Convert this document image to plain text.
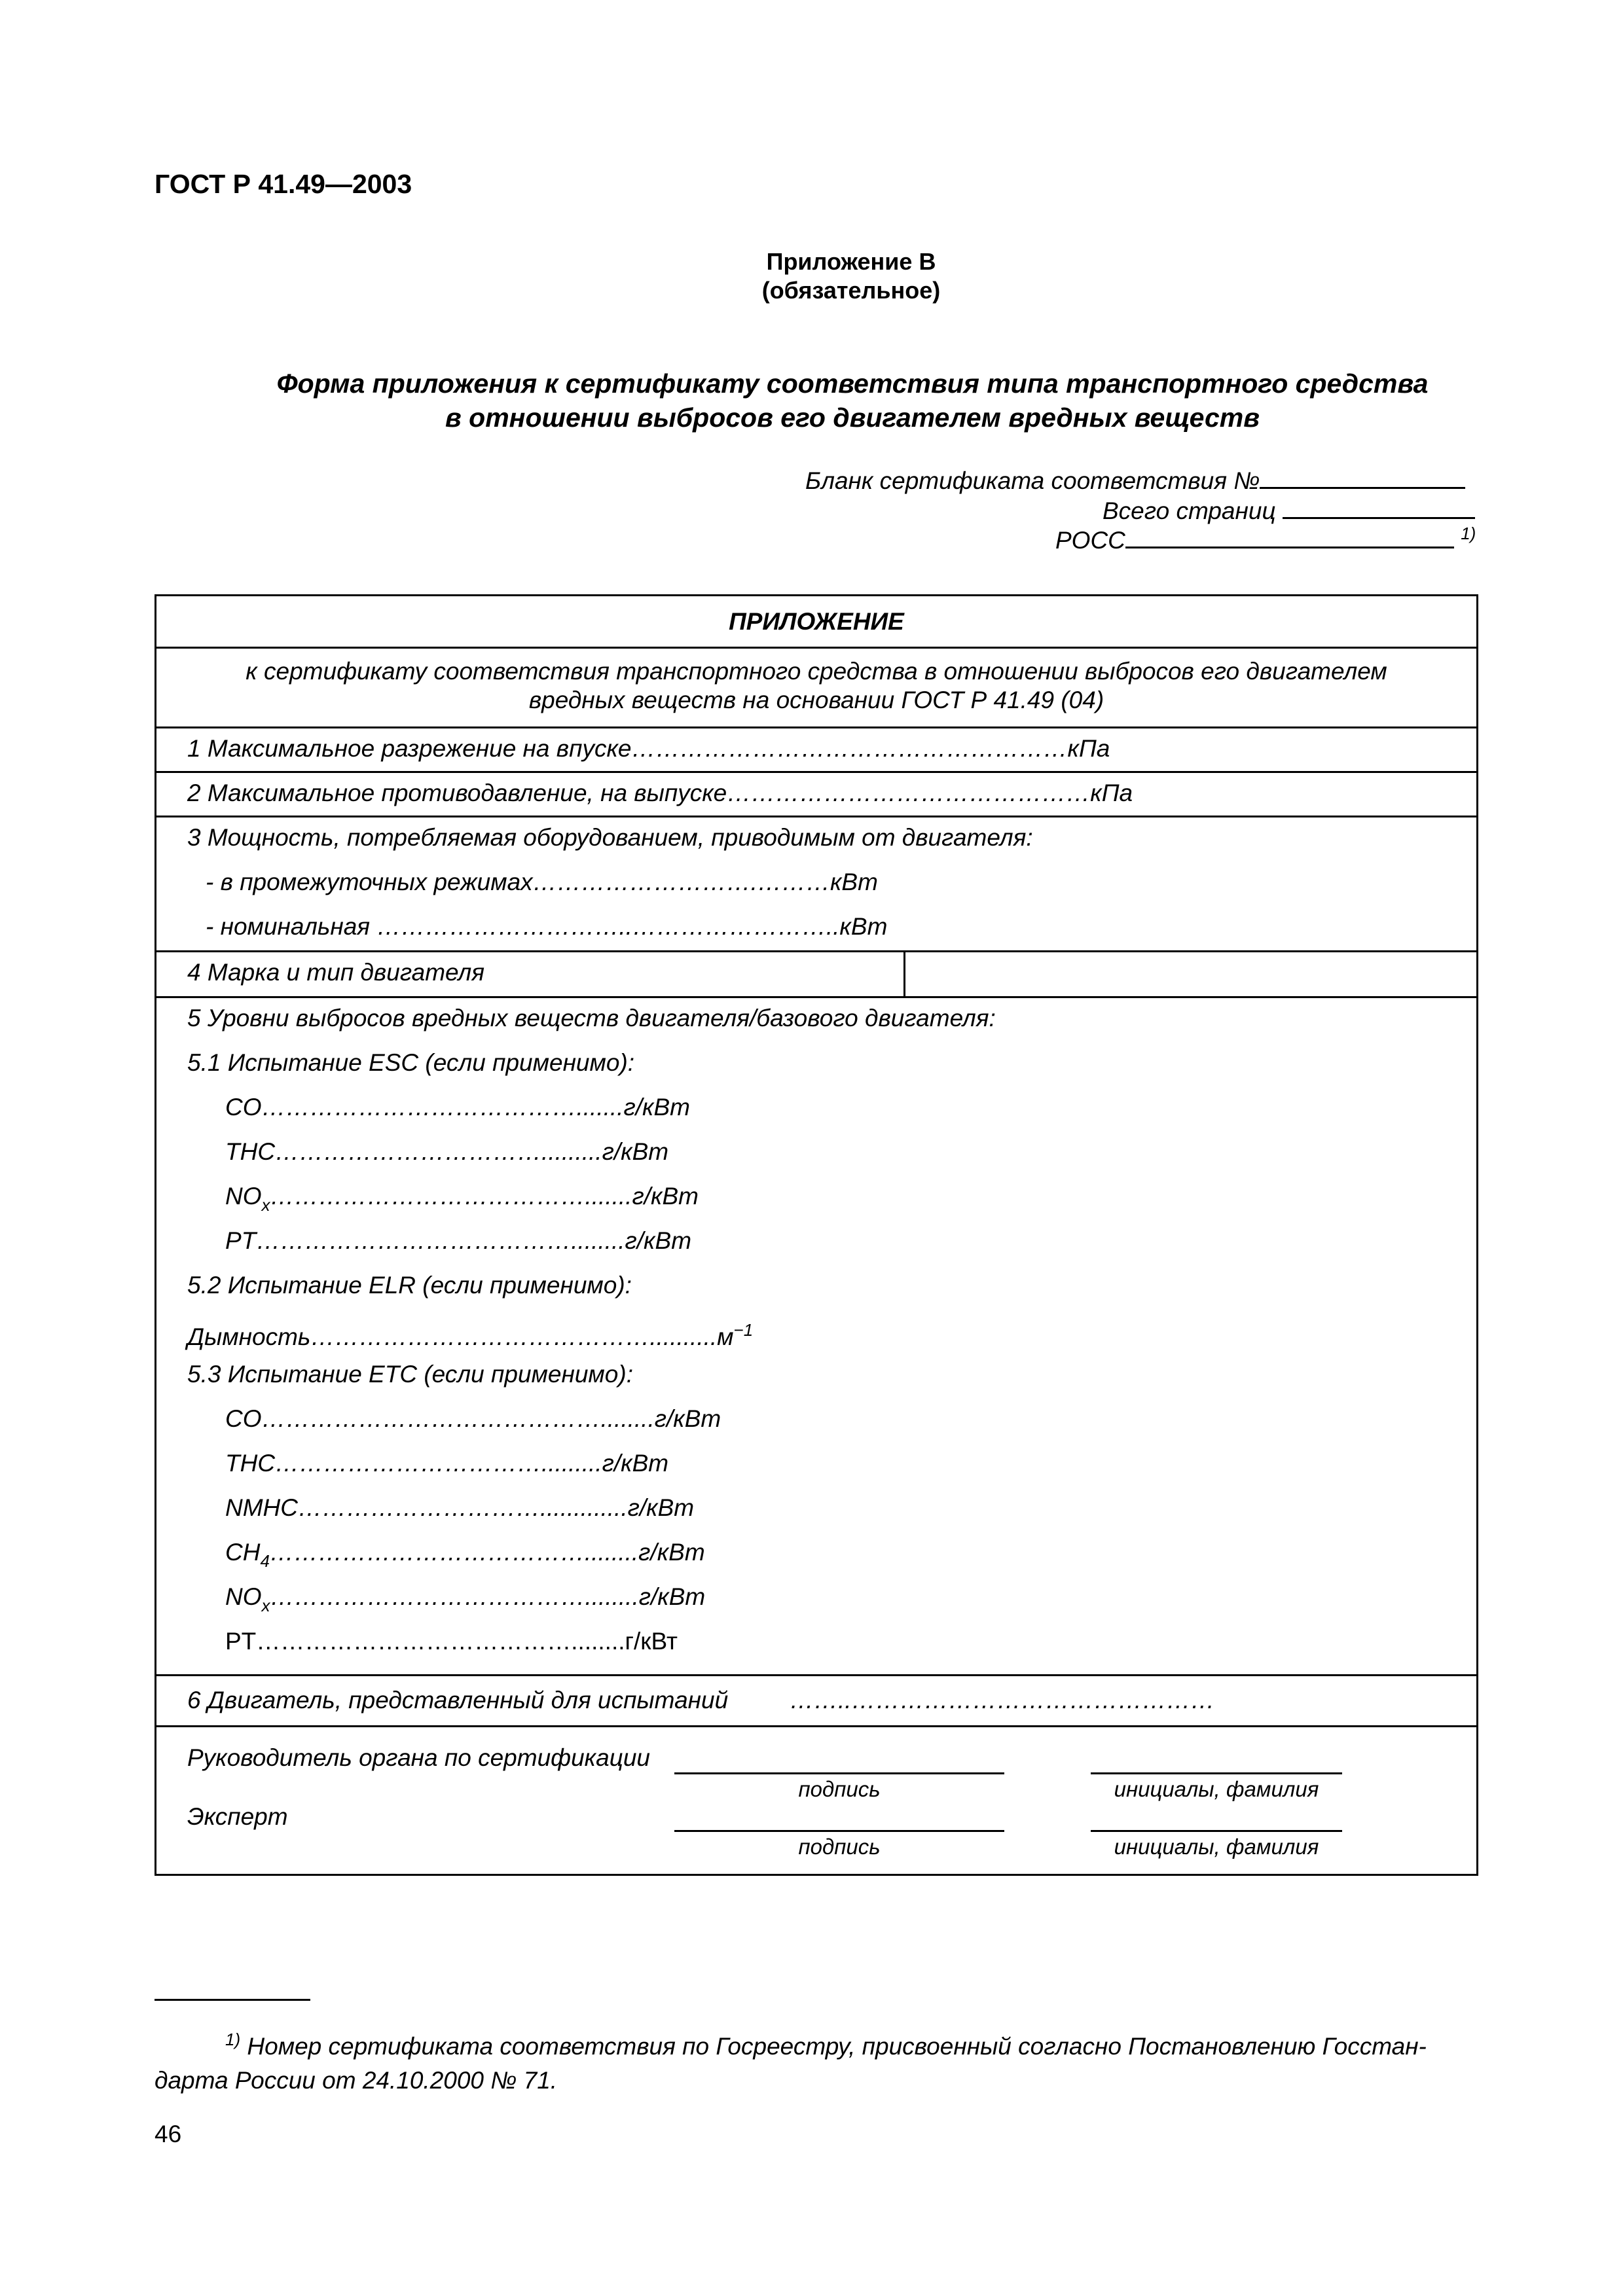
ГОСТ Р 41.49—2003
Приложение В
(обязательное)
Форма приложения к сертификату соответствия типа транспортного средства
в отношении выбросов его двигателем вредных веществ
Бланк сертификата соответствия №
Всего страниц
РОСС	$^{1)}$
ПРИЛОЖЕНИЕ
к сертификату соответствия транспортного средства в отношении выбросов его двигателем
вредных веществ на основании ГОСТ Р 41.49 (04)
1 Максимальное разрежение на впуске………………………………………………кПа
2 Максимальное противодавление, на выпуске………………………………………кПа
3 Мощность, потребляемая оборудованием, приводимым от двигателя:
- в промежуточных режимах……………………….………кВт
- номинальная …………………………..……………………..кВт
4 Марка и тип двигателя
5 Уровни выбросов вредных веществ двигателя/базового двигателя:
5.1 Испытание ESC (если применимо):
CO………………………………….......г/кВт
THC…………………………….........г/кВт
$NO_x\dots\dots\dots\dots\dots\dots\dots\dots\dots\dots\dots\dots\dots.......г$/кВт
PT…………………………………........г/кВт
5.2 Испытание ELR (если применимо):
$Дымность\dots\dots\dots\dots\dots\dots\dots\dots\dots\dots\dots\dots\dots\dots..........м^{-1}$
5.3 Испытание ETC (если применимо):
CO……………………………………........г/кВт
THC…………………………….........г/кВт
NMHC………………………….............г/кВт
$CH_4\dots\dots\dots\dots\dots\dots\dots\dots\dots\dots\dots\dots\dots........г$/кВт
$NO_x\dots\dots\dots\dots\dots\dots\dots\dots\dots\dots\dots\dots\dots........г$/кВт
PT…………………………………........г/кВт
6 Двигатель, представленный для испытаний	……..………………………………………
Руководитель органа по сертификации
подпись	инициалы, фамилия
Эксперт
подпись	инициалы, фамилия
$^{1)}$ Номер сертификата соответствия по Госреестру, присвоенный согласно Постановлению Госстан-
дарта России от 24.10.2000 № 71.
46
